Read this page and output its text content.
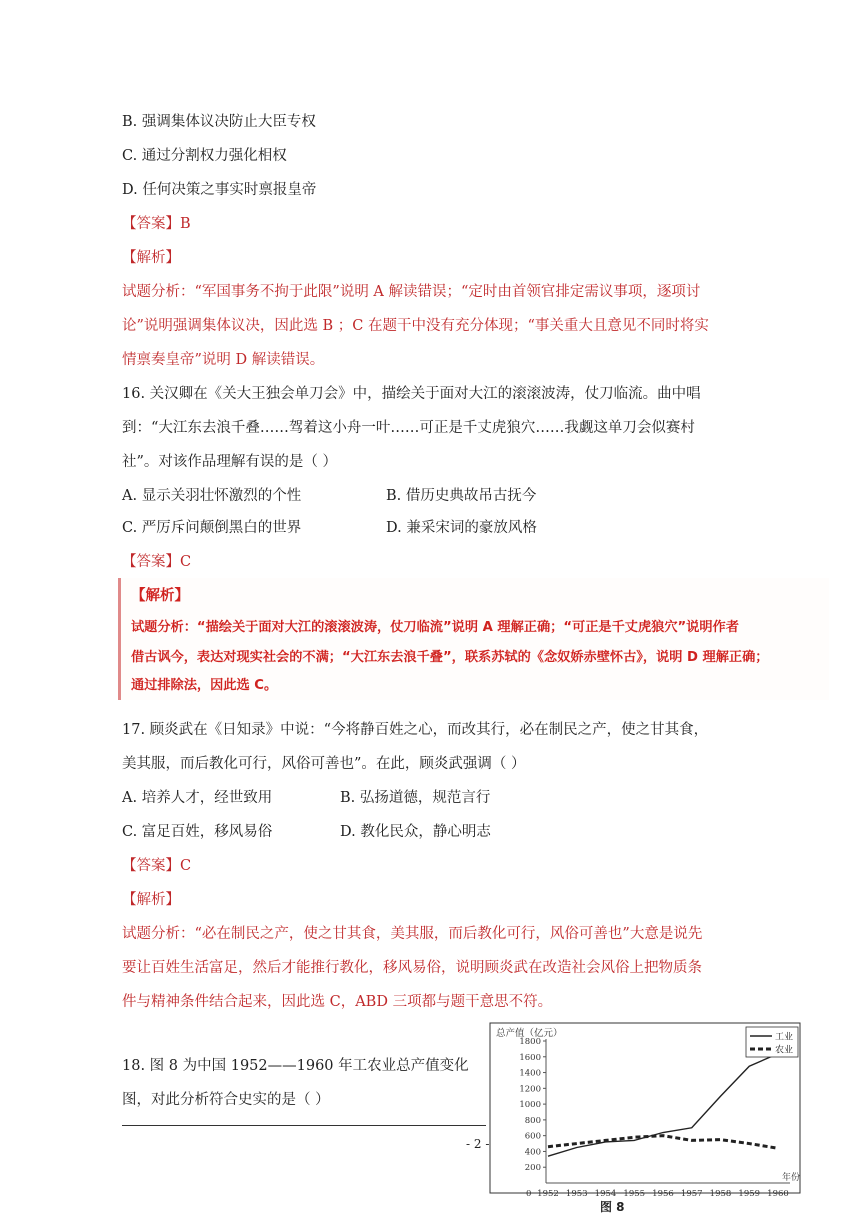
B. 强调集体议决防止大臣专权
C. 通过分割权力强化相权
D. 任何决策之事实时禀报皇帝
【答案】B
【解析】
试题分析：“军国事务不拘于此限”说明 A 解读错误；“定时由首领官排定需议事项，逐项讨
论”说明强调集体议决，因此选 B ；C 在题干中没有充分体现；“事关重大且意见不同时将实
情禀奏皇帝”说明 D 解读错误。
16. 关汉卿在《关大王独会单刀会》中，描绘关于面对大江的滚滚波涛，仗刀临流。曲中唱
到：“大江东去浪千叠……驾着这小舟一叶……可正是千丈虎狼穴……我觑这单刀会似赛村
社”。对该作品理解有误的是（ ）
A. 显示关羽壮怀激烈的个性	B. 借历史典故吊古抚今
C. 严厉斥问颠倒黑白的世界	D. 兼采宋词的豪放风格
【答案】C
【解析】
试题分析：“描绘关于面对大江的滚滚波涛，仗刀临流”说明 A 理解正确；“可正是千丈虎狼穴”说明作者
借古讽今，表达对现实社会的不满；“大江东去浪千叠”，联系苏轼的《念奴娇赤壁怀古》，说明 D 理解正确；
通过排除法，因此选 C。
17. 顾炎武在《日知录》中说：“今将静百姓之心，而改其行，必在制民之产，使之甘其食，
美其服，而后教化可行，风俗可善也”。在此，顾炎武强调（ ）
A. 培养人才，经世致用	B. 弘扬道德，规范言行
C. 富足百姓，移风易俗	D. 教化民众，静心明志
【答案】C
【解析】
试题分析：“必在制民之产，使之甘其食，美其服，而后教化可行，风俗可善也”大意是说先
要让百姓生活富足，然后才能推行教化，移风易俗，说明顾炎武在改造社会风俗上把物质条
件与精神条件结合起来，因此选 C，ABD 三项都与题干意思不符。
18. 图 8 为中国 1952——1960 年工农业总产值变化
图，对此分析符合史实的是（ ）
- 2 -
总产值（亿元）
200
400
600
800
1000
1200
1400
1600
1800
0 1952 1953 1954 1955 1956 1957 1958 1959 1960
年份
工业
农业
图 8
